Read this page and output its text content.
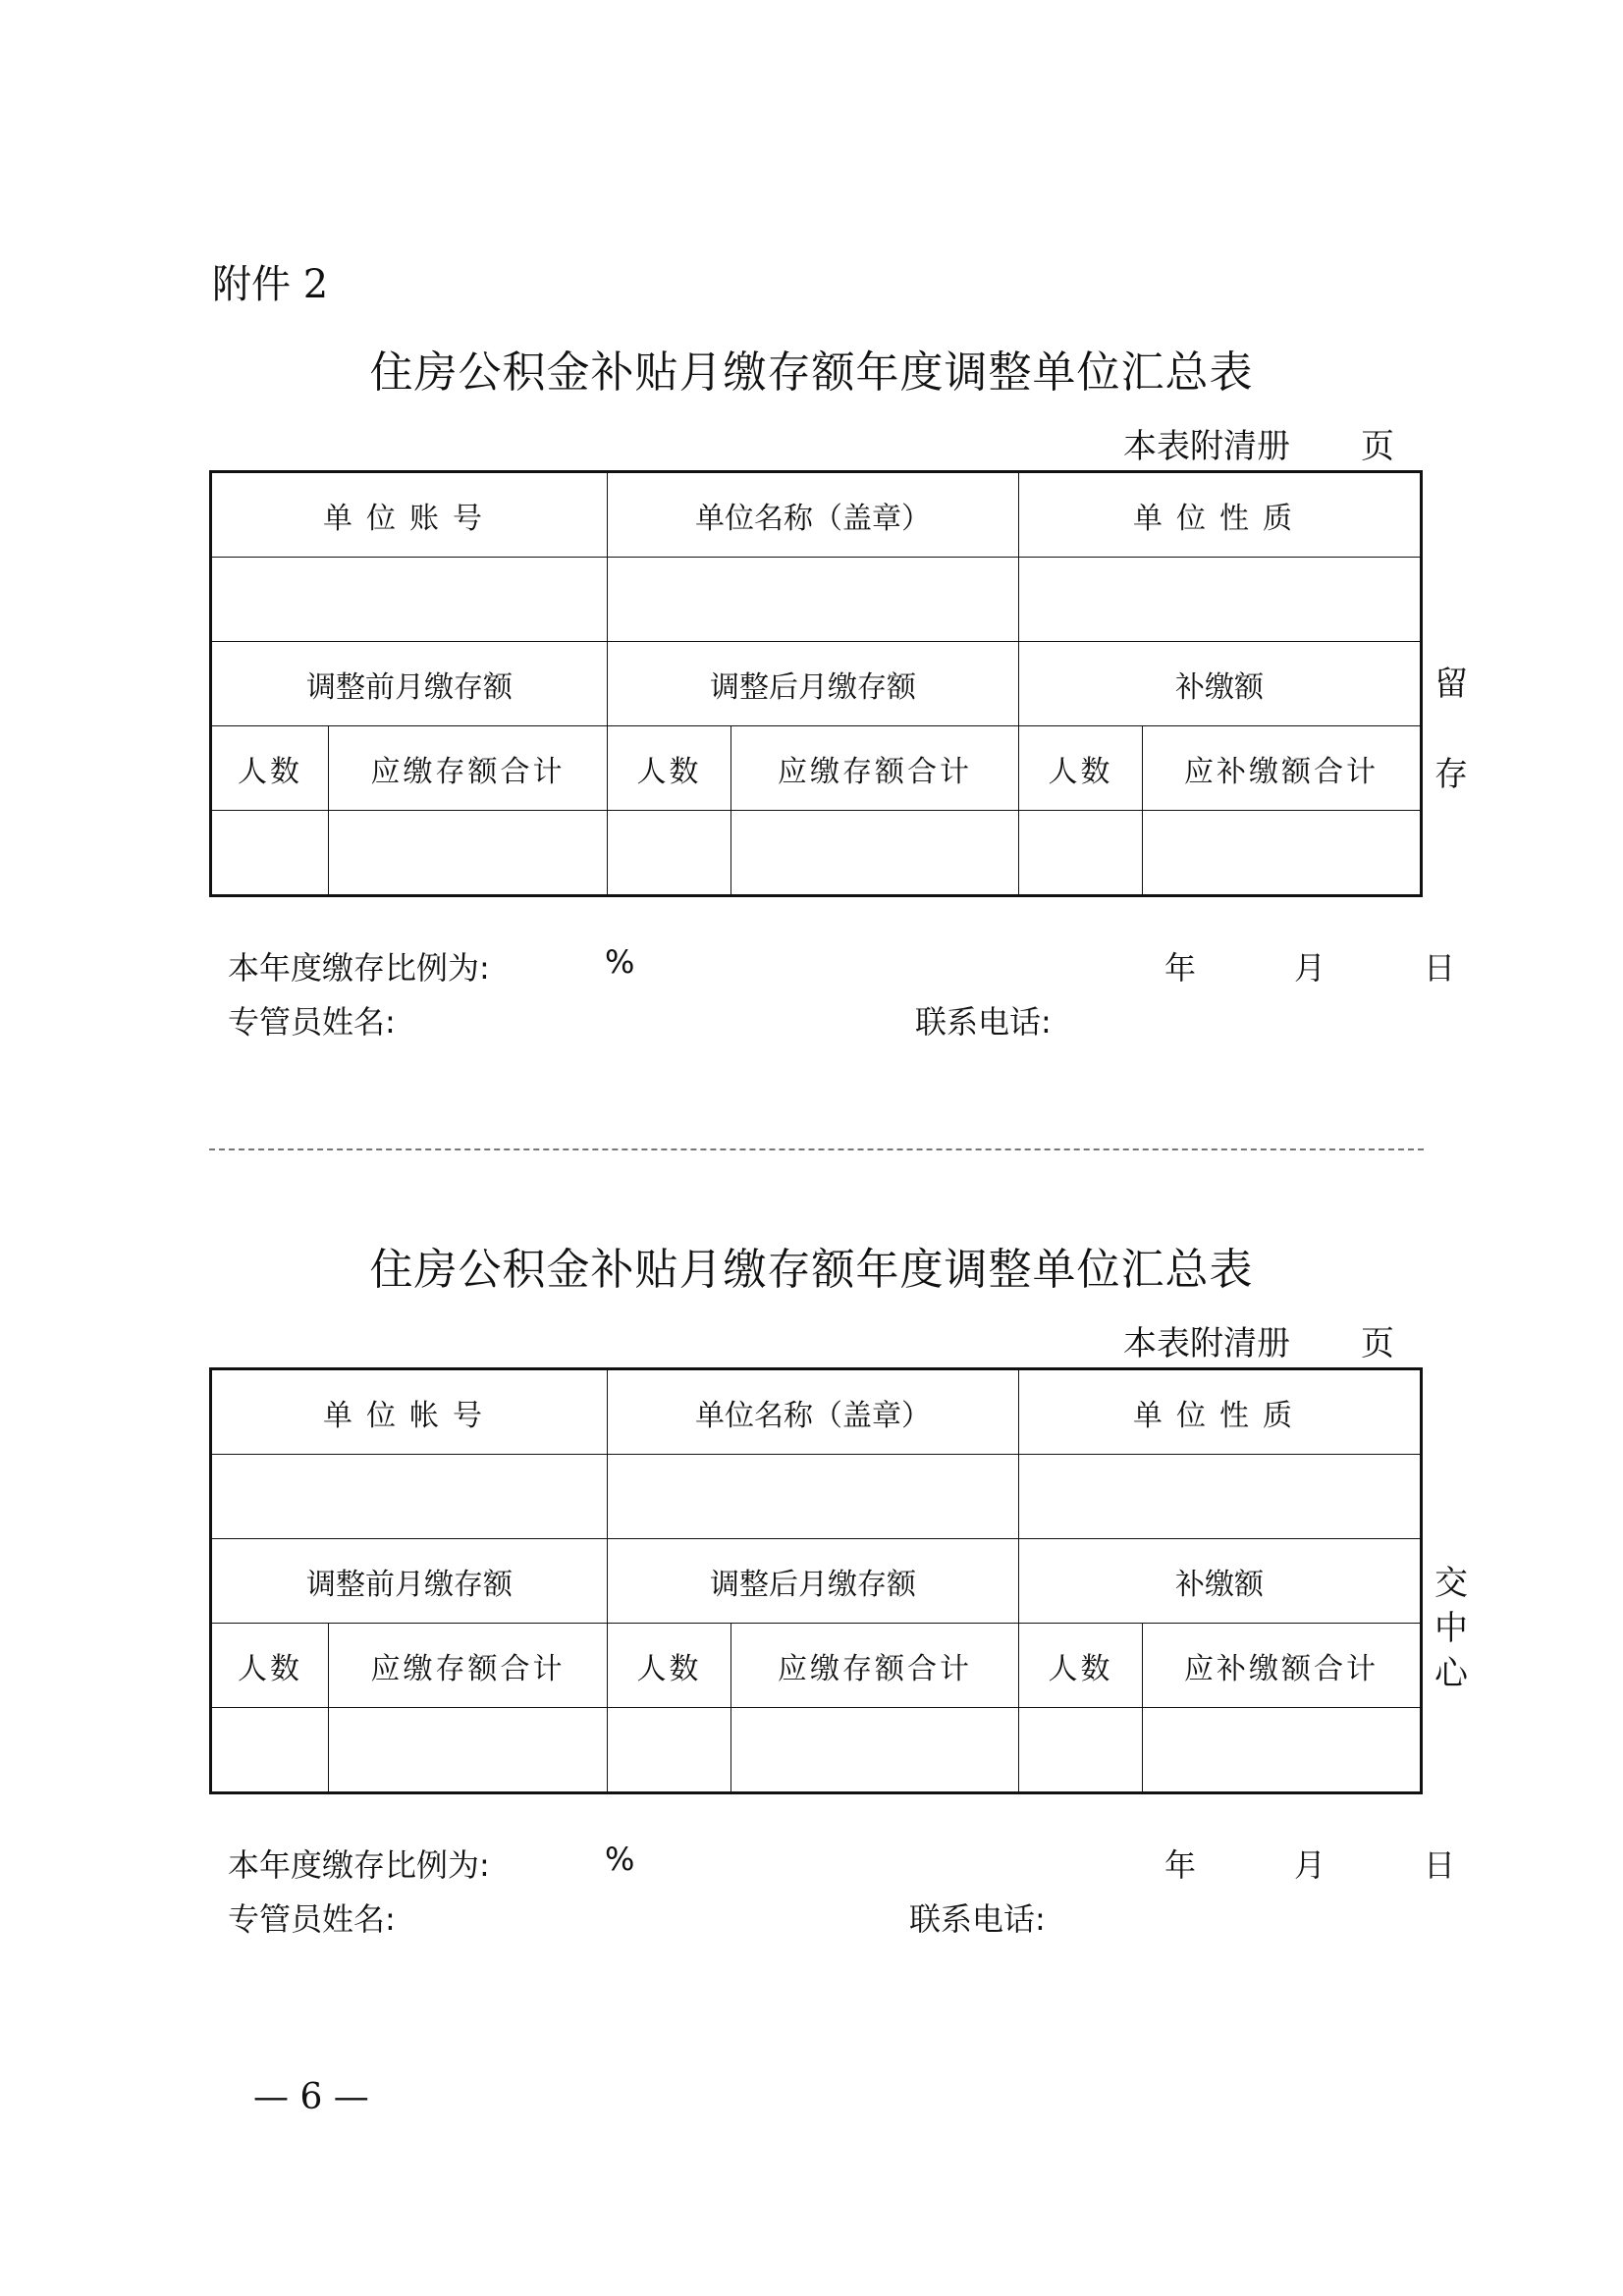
附件 2
住房公积金补贴月缴存额年度调整单位汇总表
本表附清册 页
单位账号		单位名称（盖章）		单位性质	

调整前月缴存额		调整后月缴存额		补缴额	
人数	应缴存额合计	人数	应缴存额合计	人数	应补缴额合计

本年度缴存比例为:	%	年	月	日
专管员姓名:	联系电话:
留
存
住房公积金补贴月缴存额年度调整单位汇总表
本表附清册 页
单位帐号		单位名称（盖章）		单位性质	

调整前月缴存额		调整后月缴存额		补缴额	
人数	应缴存额合计	人数	应缴存额合计	人数	应补缴额合计

本年度缴存比例为:	%	年	月	日
专管员姓名:	联系电话:
交
中
心
— 6 —
